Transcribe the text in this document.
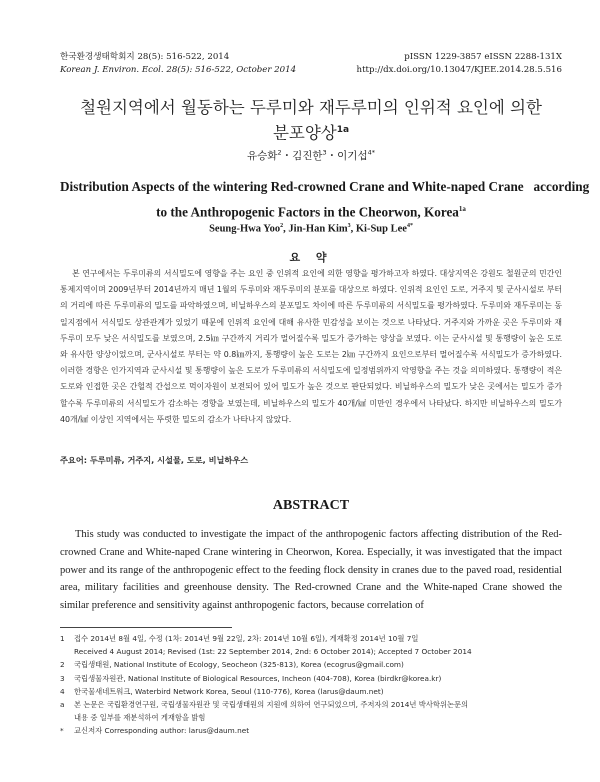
한국환경생태학회지 28(5): 516-522, 2014
Korean J. Environ. Ecol. 28(5): 516-522, October 2014
pISSN 1229-3857 eISSN 2288-131X
http://dx.doi.org/10.13047/KJEE.2014.28.5.516
철원지역에서 월동하는 두루미와 재두루미의 인위적 요인에 의한
분포양상$^{1a}$
유승화$^2$・김진한$^3$・이기섭$^{4*}$
Distribution Aspects of the wintering Red-crowned Crane and White-naped Crane   according
to the Anthropogenic Factors in the Cheorwon, Korea$^{1a}$
Seung-Hwa Yoo$^2$, Jin-Han Kim$^3$, Ki-Sup Lee$^{4*}$
요 약
본 연구에서는 두루미류의 서식밀도에 영향을 주는 요인 중 인위적 요인에 의한 영향을 평가하고자 하였다. 대상지역은 강원도 철원군의 민간인통제지역이며 2009년부터 2014년까지 매년 1월의 두루미와 재두루미의 분포를 대상으로 하였다. 인위적 요인인 도로, 거주지 및 군사시설로 부터의 거리에 따른 두루미류의 밀도를 파악하였으며, 비닐하우스의 분포밀도 차이에 따른 두루미류의 서식밀도를 평가하였다. 두루미와 재두루미는 동일지점에서 서식밀도 상관관계가 있었기 때문에 인위적 요인에 대해 유사한 민감성을 보이는 것으로 나타났다. 거주지와 가까운 곳은 두루미와 재두루미 모두 낮은 서식밀도를 보였으며, 2.5㎞ 구간까지 거리가 멀어질수록 밀도가 증가하는 양상을 보였다. 이는 군사시설 및 통행량이 높은 도로와 유사한 양상이었으며, 군사시설로 부터는 약 0.8㎞까지, 통행량이 높은 도로는 2㎞ 구간까지 요인으로부터 멀어질수록 서식밀도가 증가하였다. 이러한 경향은 인가지역과 군사시설 및 통행량이 높은 도로가 두루미류의 서식밀도에 일정범위까지 악영향을 주는 것을 의미하였다. 통행량이 적은 도로와 인접한 곳은 간헐적 간섭으로 먹이자원이 보전되어 있어 밀도가 높은 것으로 판단되었다. 비닐하우스의 밀도가 낮은 곳에서는 밀도가 증가할수록 두루미류의 서식밀도가 감소하는 경향을 보였는데, 비닐하우스의 밀도가 40개/㎢ 미만인 경우에서 나타났다. 하지만 비닐하우스의 밀도가 40개/㎢ 이상인 지역에서는 뚜렷한 밀도의 감소가 나타나지 않았다.
주요어: 두루미류, 거주지, 시설물, 도로, 비닐하우스
ABSTRACT
This study was conducted to investigate the impact of the anthropogenic factors affecting distribution of the Red-crowned Crane and White-naped Crane wintering in Cheorwon, Korea. Especially, it was investigated that the impact power and its range of the anthropogenic effect to the feeding flock density in cranes due to the paved road, residential area, military facilities and greenhouse density. The Red-crowned Crane and the White-naped Crane showed the similar preference and sensitivity against anthropogenic factors, because correlation of
1 접수 2014년 8월 4일, 수정 (1차: 2014년 9월 22일, 2차: 2014년 10월 6일), 게재확정 2014년 10월 7일
Received 4 August 2014; Revised (1st: 22 September 2014, 2nd: 6 October 2014); Accepted 7 October 2014
2 국립생태원, National Institute of Ecology, Seocheon (325-813), Korea (ecogrus@gmail.com)
3 국립생물자원관, National Institute of Biological Resources, Incheon (404-708), Korea (birdkr@korea.kr)
4 한국물새네트워크, Waterbird Network Korea, Seoul (110-776), Korea (larus@daum.net)
a 본 논문은 국립환경연구원, 국립생물자원관 및 국립생태원의 지원에 의하여 연구되었으며, 주저자의 2014년 박사학위논문의
내용 중 일부를 재분석하여 게재함을 밝힘
* 교신저자 Corresponding author: larus@daum.net
